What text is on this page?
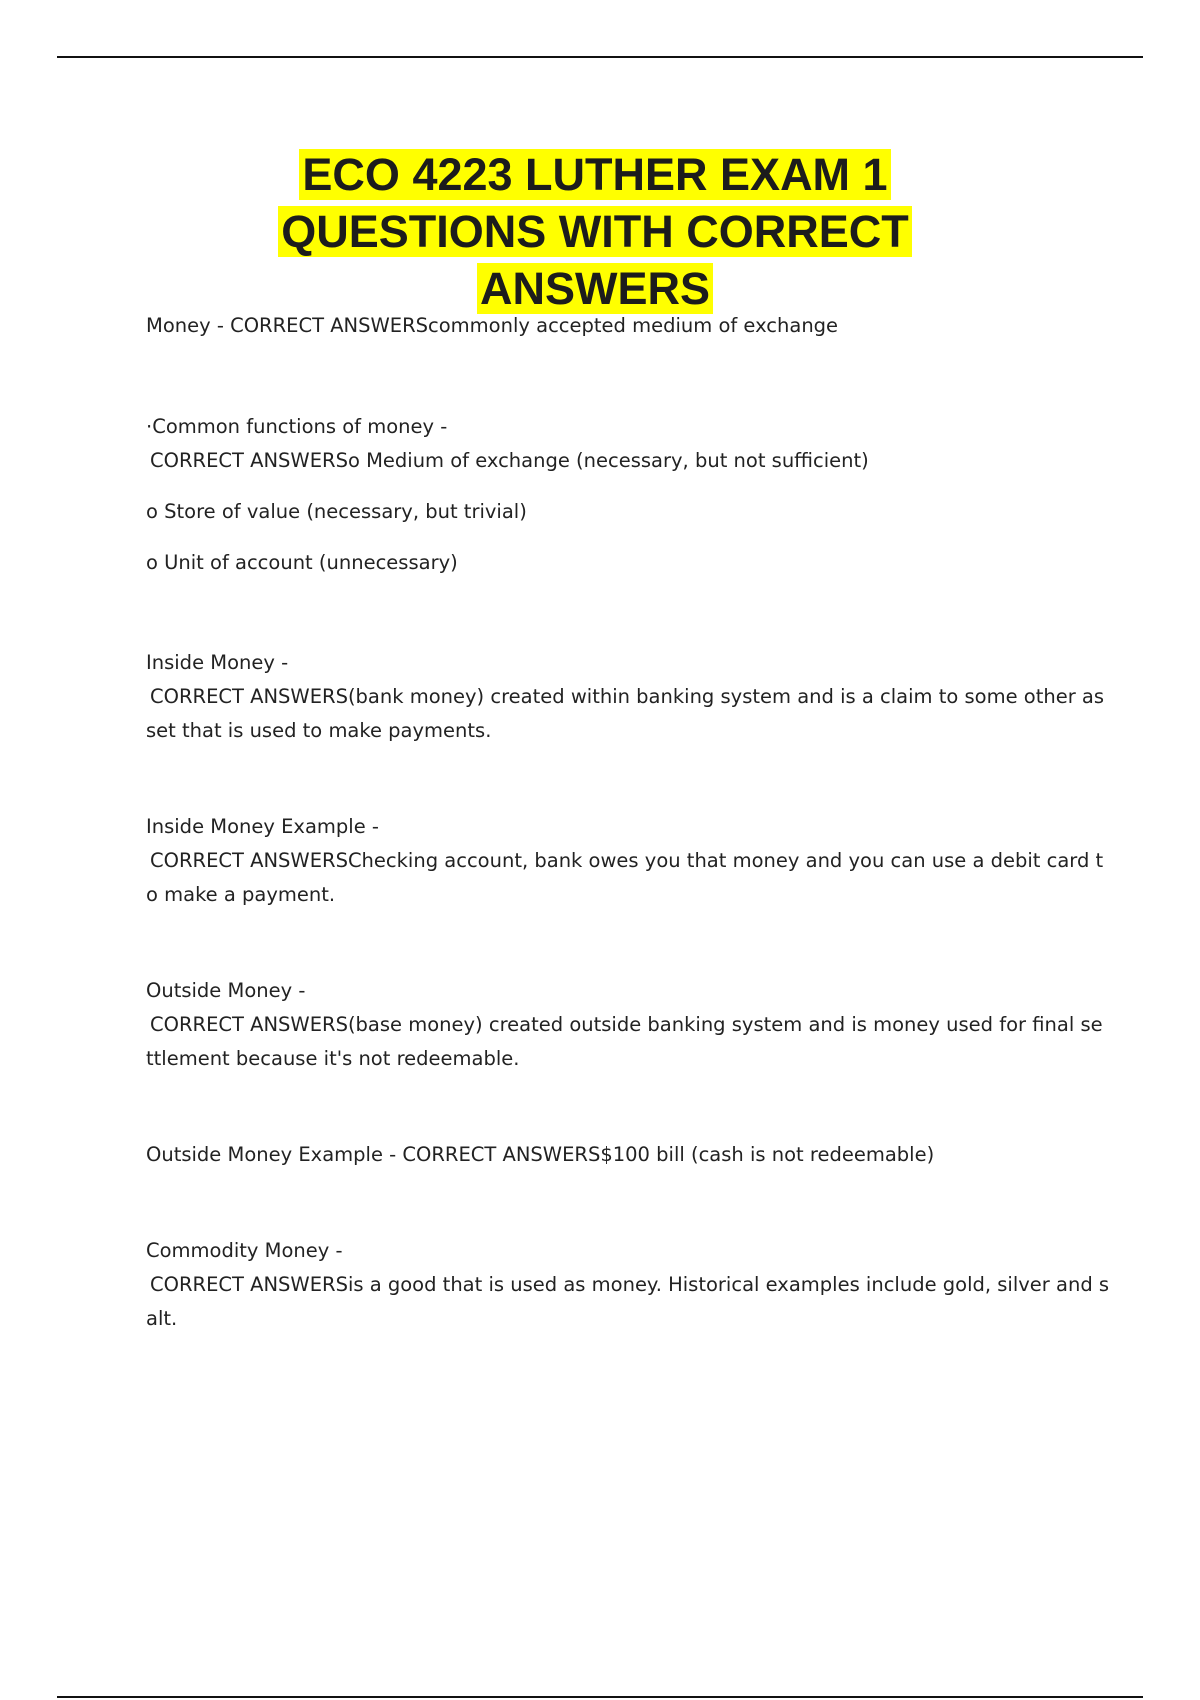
ECO 4223 LUTHER EXAM 1
QUESTIONS WITH CORRECT
ANSWERS
Money - CORRECT ANSWERScommonly accepted medium of exchange
·Common functions of money -
CORRECT ANSWERSo Medium of exchange (necessary, but not sufficient)
o Store of value (necessary, but trivial)
o Unit of account (unnecessary)
Inside Money -
CORRECT ANSWERS(bank money) created within banking system and is a claim to some other as
set that is used to make payments.
Inside Money Example -
CORRECT ANSWERSChecking account, bank owes you that money and you can use a debit card t
o make a payment.
Outside Money -
CORRECT ANSWERS(base money) created outside banking system and is money used for final se
ttlement because it's not redeemable.
Outside Money Example - CORRECT ANSWERS$100 bill (cash is not redeemable)
Commodity Money -
CORRECT ANSWERSis a good that is used as money. Historical examples include gold, silver and s
alt.
